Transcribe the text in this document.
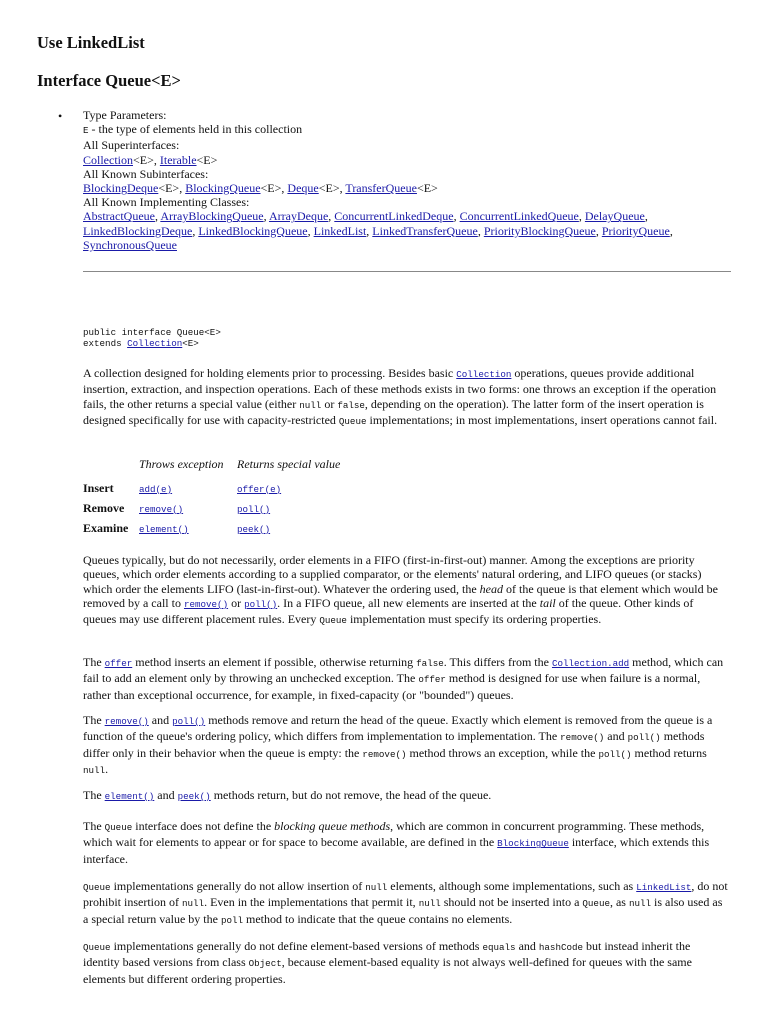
Use LinkedList
Interface Queue<E>
• Type Parameters:
E - the type of elements held in this collection
All Superinterfaces:
Collection<E>, Iterable<E>
All Known Subinterfaces:
BlockingDeque<E>, BlockingQueue<E>, Deque<E>, TransferQueue<E>
All Known Implementing Classes:
AbstractQueue, ArrayBlockingQueue, ArrayDeque, ConcurrentLinkedDeque, ConcurrentLinkedQueue, DelayQueue, LinkedBlockingDeque, LinkedBlockingQueue, LinkedList, LinkedTransferQueue, PriorityBlockingQueue, PriorityQueue, SynchronousQueue
public interface Queue<E>
extends Collection<E>

A collection designed for holding elements prior to processing. Besides basic Collection operations, queues provide additional insertion, extraction, and inspection operations. Each of these methods exists in two forms: one throws an exception if the operation fails, the other returns a special value (either null or false, depending on the operation). The latter form of the insert operation is designed specifically for use with capacity-restricted Queue implementations; in most implementations, insert operations cannot fail.

	Throws exception	Returns special value
Insert	add(e)	offer(e)
Remove	remove()	poll()
Examine	element()	peek()

Queues typically, but do not necessarily, order elements in a FIFO (first-in-first-out) manner. Among the exceptions are priority queues, which order elements according to a supplied comparator, or the elements' natural ordering, and LIFO queues (or stacks) which order the elements LIFO (last-in-first-out). Whatever the ordering used, the head of the queue is that element which would be removed by a call to remove() or poll(). In a FIFO queue, all new elements are inserted at the tail of the queue. Other kinds of queues may use different placement rules. Every Queue implementation must specify its ordering properties.

The offer method inserts an element if possible, otherwise returning false. This differs from the Collection.add method, which can fail to add an element only by throwing an unchecked exception. The offer method is designed for use when failure is a normal, rather than exceptional occurrence, for example, in fixed-capacity (or "bounded") queues.

The remove() and poll() methods remove and return the head of the queue. Exactly which element is removed from the queue is a function of the queue's ordering policy, which differs from implementation to implementation. The remove() and poll() methods differ only in their behavior when the queue is empty: the remove() method throws an exception, while the poll() method returns null.

The element() and peek() methods return, but do not remove, the head of the queue.

The Queue interface does not define the blocking queue methods, which are common in concurrent programming. These methods, which wait for elements to appear or for space to become available, are defined in the BlockingQueue interface, which extends this interface.

Queue implementations generally do not allow insertion of null elements, although some implementations, such as LinkedList, do not prohibit insertion of null. Even in the implementations that permit it, null should not be inserted into a Queue, as null is also used as a special return value by the poll method to indicate that the queue contains no elements.

Queue implementations generally do not define element-based versions of methods equals and hashCode but instead inherit the identity based versions from class Object, because element-based equality is not always well-defined for queues with the same elements but different ordering properties.
